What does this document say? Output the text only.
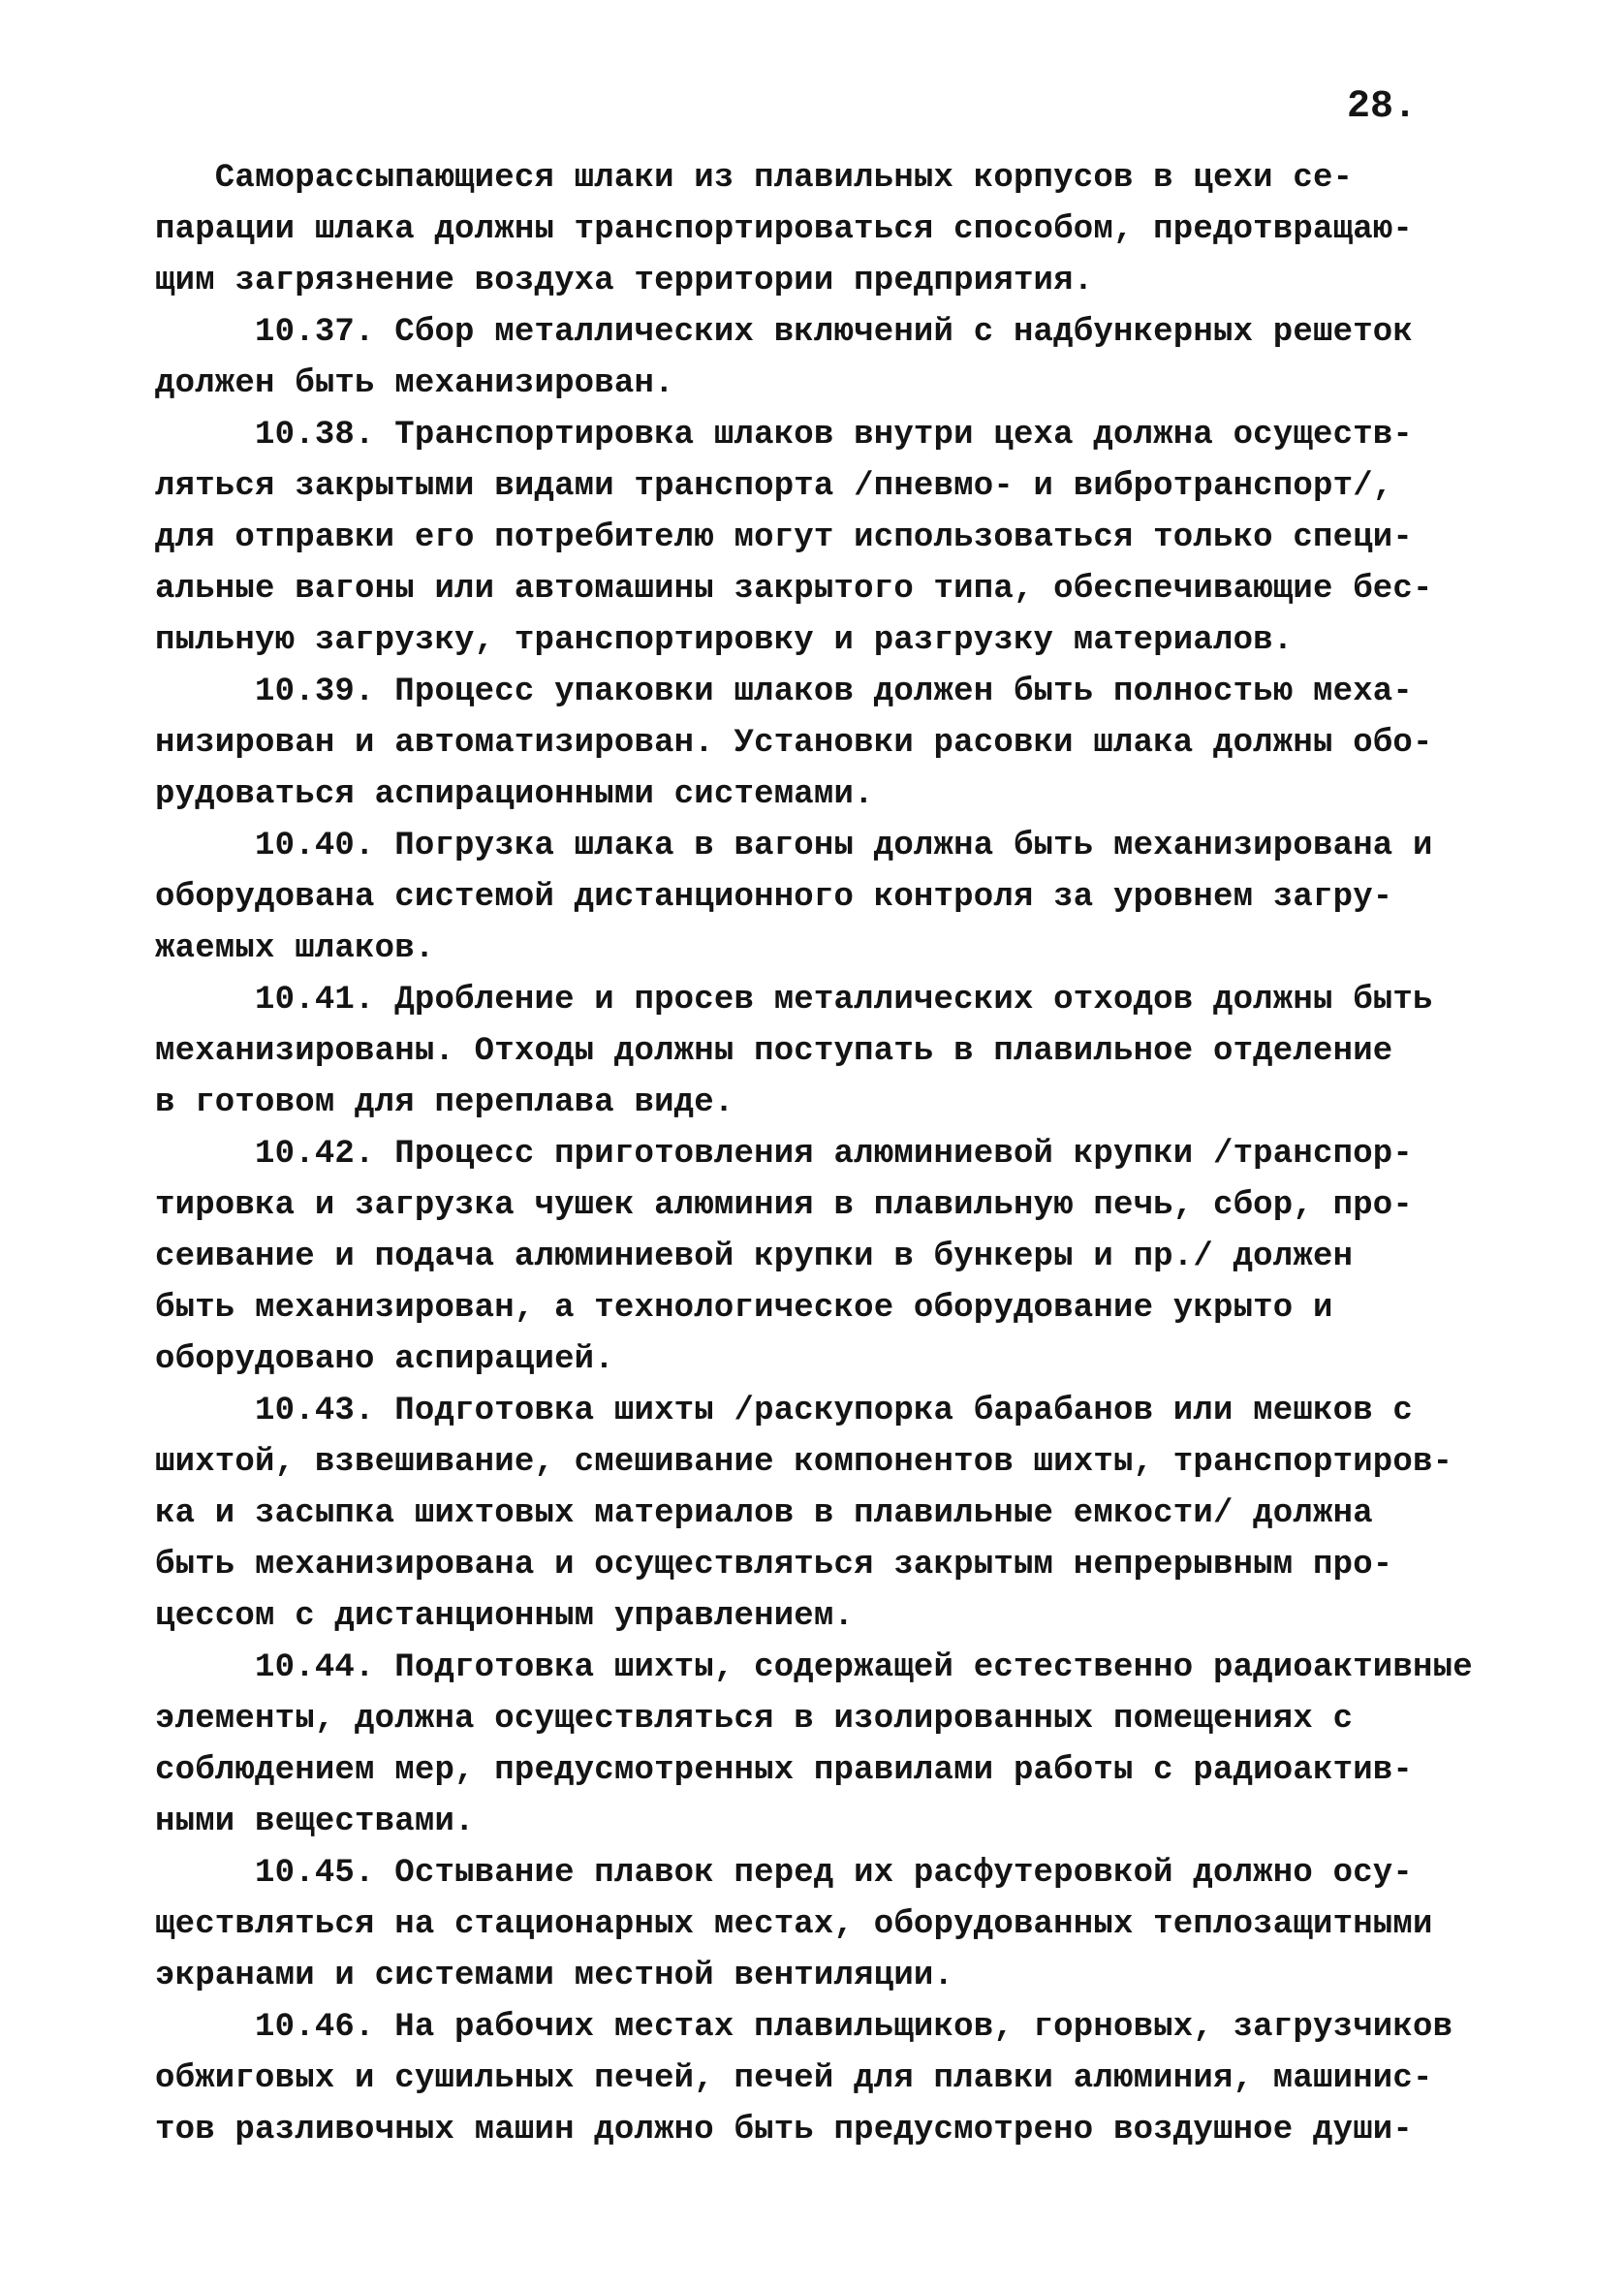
28.
Саморассыпающиеся шлаки из плавильных корпусов в цехи се-
парации шлака должны транспортироваться способом, предотвращаю-
щим загрязнение воздуха территории предприятия.
10.37. Сбор металлических включений с надбункерных решеток
должен быть механизирован.
10.38. Транспортировка шлаков внутри цеха должна осуществ-
ляться закрытыми видами транспорта /пневмо- и вибротранспорт/,
для отправки его потребителю могут использоваться только специ-
альные вагоны или автомашины закрытого типа, обеспечивающие бес-
пыльную загрузку, транспортировку и разгрузку материалов.
10.39. Процесс упаковки шлаков должен быть полностью меха-
низирован и автоматизирован. Установки расовки шлака должны обо-
рудоваться аспирационными системами.
10.40. Погрузка шлака в вагоны должна быть механизирована и
оборудована системой дистанционного контроля за уровнем загру-
жаемых шлаков.
10.41. Дробление и просев металлических отходов должны быть
механизированы. Отходы должны поступать в плавильное отделение
в готовом для переплава виде.
10.42. Процесс приготовления алюминиевой крупки /транспор-
тировка и загрузка чушек алюминия в плавильную печь, сбор, про-
сеивание и подача алюминиевой крупки в бункеры и пр./ должен
быть механизирован, а технологическое оборудование укрыто и
оборудовано аспирацией.
10.43. Подготовка шихты /раскупорка барабанов или мешков с
шихтой, взвешивание, смешивание компонентов шихты, транспортиров-
ка и засыпка шихтовых материалов в плавильные емкости/ должна
быть механизирована и осуществляться закрытым непрерывным про-
цессом с дистанционным управлением.
10.44. Подготовка шихты, содержащей естественно радиоактивные
элементы, должна осуществляться в изолированных помещениях с
соблюдением мер, предусмотренных правилами работы с радиоактив-
ными веществами.
10.45. Остывание плавок перед их расфутеровкой должно осу-
ществляться на стационарных местах, оборудованных теплозащитными
экранами и системами местной вентиляции.
10.46. На рабочих местах плавильщиков, горновых, загрузчиков
обжиговых и сушильных печей, печей для плавки алюминия, машинис-
тов разливочных машин должно быть предусмотрено воздушное души-
